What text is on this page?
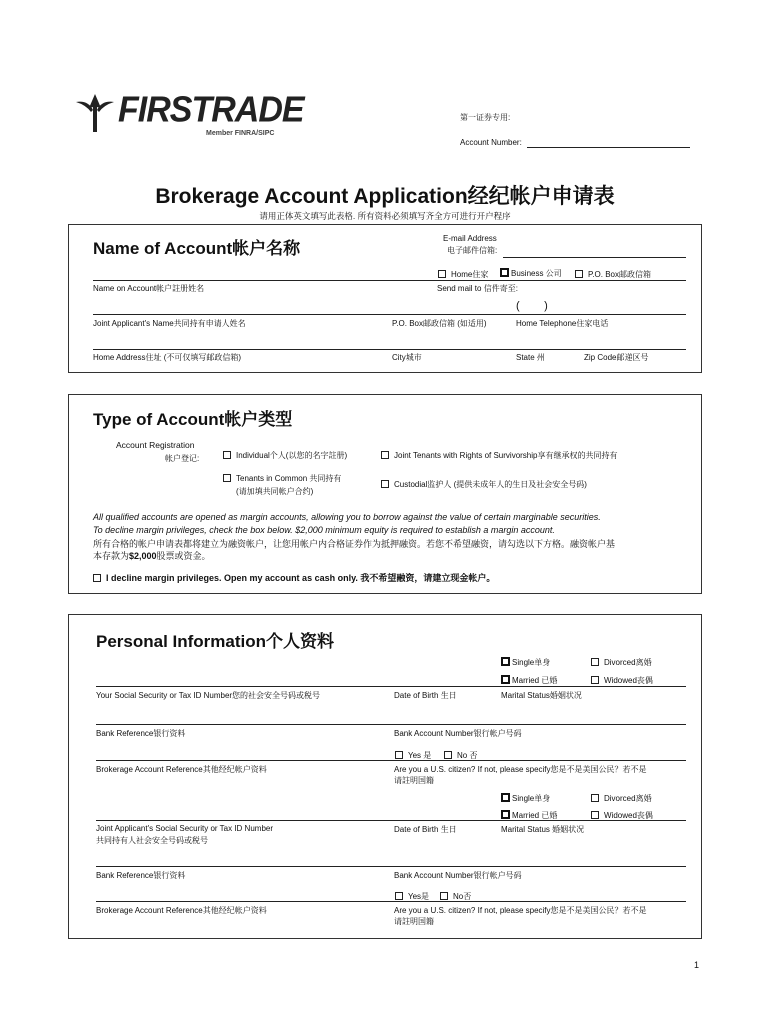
FIRSTRADE
Member FINRA/SIPC
第一证券专用:
Account Number:
Brokerage Account Application经纪帐户申请表
请用正体英文填写此表格. 所有资料必须填写齐全方可进行开户程序
Name of Account帐户名称
E-mail Address
电子邮件信箱:
Home住家	Business 公司	P.O. Box邮政信箱
Name on Account帐户註册姓名	Send mail to 信件寄至:
(        )
Joint Applicant's Name共同持有申请人姓名	P.O. Box邮政信箱 (如适用)	Home Telephone住家电话
Home Address住址 (不可仅填写邮政信箱)	City城市	State 州	Zip Code邮递区号
Type of Account帐户类型
Account Registration
帐户登记:	Individual个人(以您的名字註册)	Joint Tenants with Rights of Survivorship享有继承权的共同持有
Tenants in Common 共同持有
(请加填共同帐户合约)
Custodial监护人 (提供未成年人的生日及社会安全号码)
All qualified accounts are opened as margin accounts, allowing you to borrow against the value of certain marginable securities.
To decline margin privileges, check the box below. $2,000 minimum equity is required to establish a margin account.
所有合格的帐户申请表都将建立为融资帐户，让您用帐户内合格证券作为抵押融资。若您不希望融资，请勾选以下方格。融资帐户基
本存款为$2,000股票或资金。
I decline margin privileges. Open my account as cash only. 我不希望融资，请建立现金帐户。
Personal Information个人资料
Single单身	Divorced离婚
Married 已婚	Widowed丧偶
Your Social Security or Tax ID Number您的社会安全号码或税号	Date of Birth 生日	Marital Status婚姻状况
Bank Reference银行资料	Bank Account Number银行帐户号码
Yes 是	No 否
Brokerage Account Reference其他经纪帐户资料	Are you a U.S. citizen? If not, please specify您是不是美国公民？若不是
请註明国籍
Single单身	Divorced离婚
Married 已婚	Widowed丧偶
Joint Applicant's Social Security or Tax ID Number
共同持有人社会安全号码或税号
Date of Birth 生日	Marital Status 婚姻状况
Bank Reference银行资料	Bank Account Number银行帐户号码
Yes是	No否
Brokerage Account Reference其他经纪帐户资料	Are you a U.S. citizen? If not, please specify您是不是美国公民？若不是
请註明国籍
1
